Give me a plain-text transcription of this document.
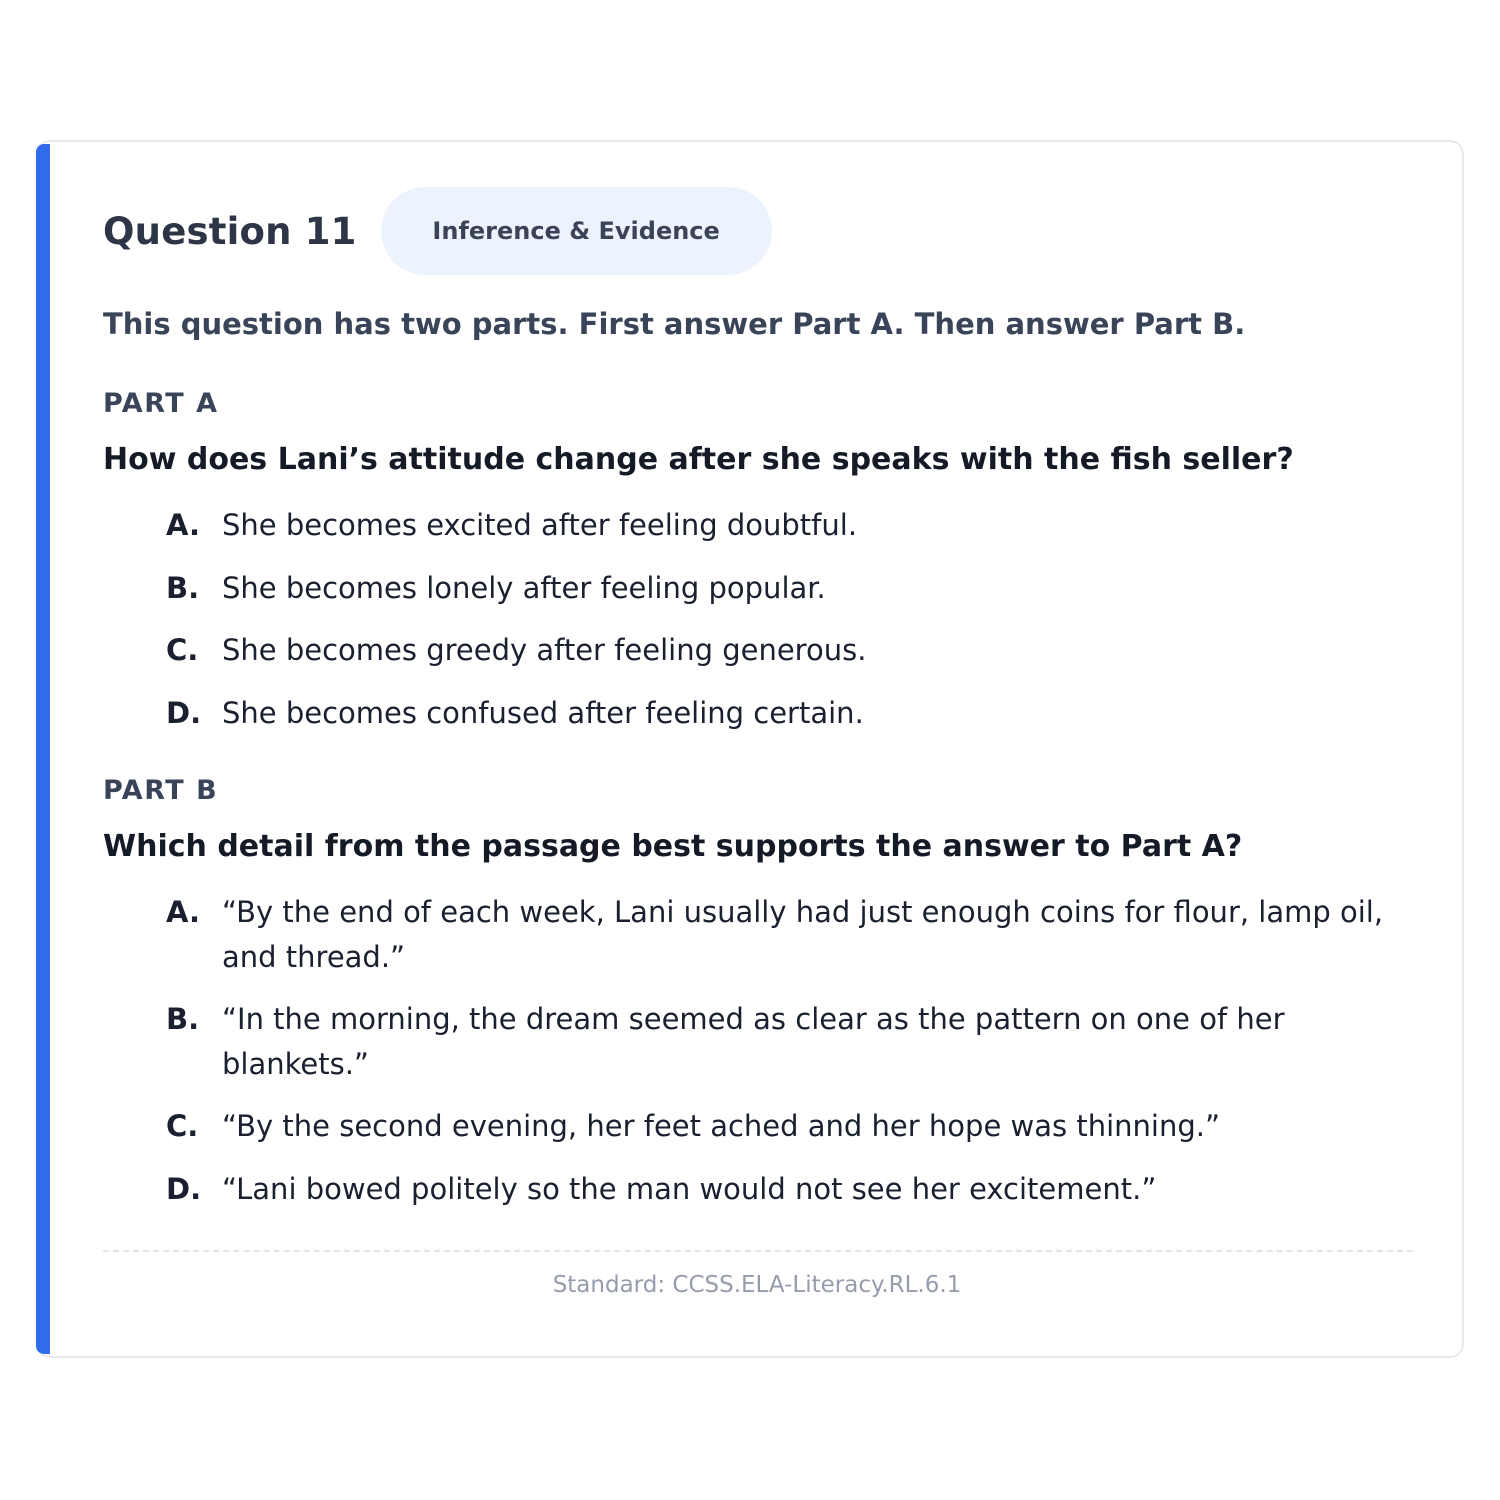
Question 11	Inference & Evidence
This question has two parts. First answer Part A. Then answer Part B.
PART A
How does Lani’s attitude change after she speaks with the fish seller?
A. She becomes excited after feeling doubtful.
B. She becomes lonely after feeling popular.
C. She becomes greedy after feeling generous.
D. She becomes confused after feeling certain.
PART B
Which detail from the passage best supports the answer to Part A?
A. “By the end of each week, Lani usually had just enough coins for flour, lamp oil, and thread.”
B. “In the morning, the dream seemed as clear as the pattern on one of her blankets.”
C. “By the second evening, her feet ached and her hope was thinning.”
D. “Lani bowed politely so the man would not see her excitement.”
Standard: CCSS.ELA-Literacy.RL.6.1
